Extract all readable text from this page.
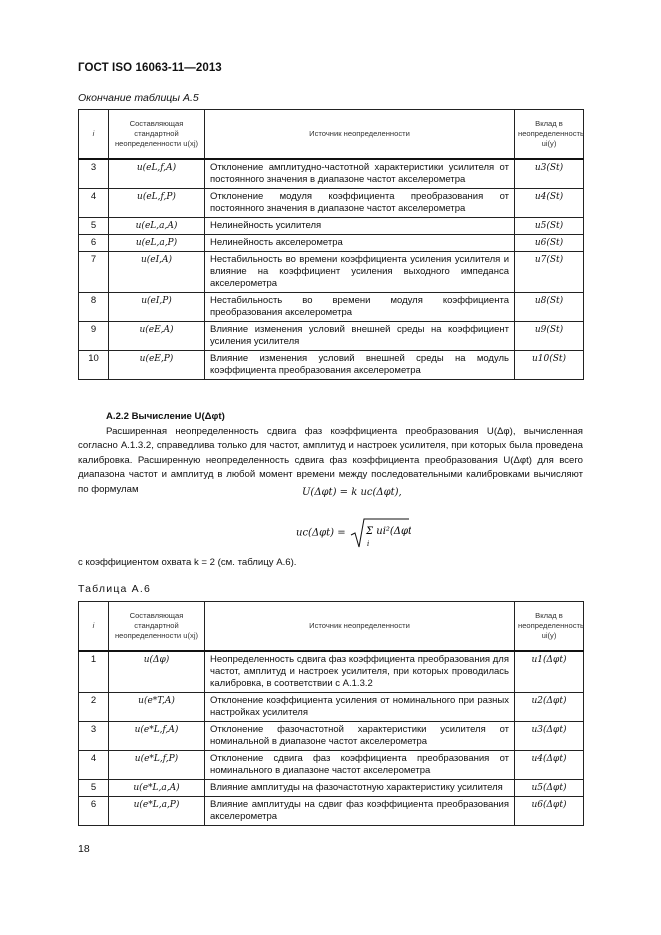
ГОСТ ISO 16063-11—2013
Окончание таблицы А.5
i	Составляющая стандартной неопределенности u(xj)	Источник неопределенности	Вклад в неопределенность ui(y)
3	u(eL,f,A)	Отклонение амплитудно-частотной характеристики усилителя от постоянного значения в диапазоне частот акселерометра	u3(St)
4	u(eL,f,P)	Отклонение модуля коэффициента преобразования от постоянного значения в диапазоне частот акселерометра	u4(St)
5	u(eL,a,A)	Нелинейность усилителя	u5(St)
6	u(eL,a,P)	Нелинейность акселерометра	u6(St)
7	u(eI,A)	Нестабильность во времени коэффициента усиления усилителя и влияние на коэффициент усиления выходного импеданса акселерометра	u7(St)
8	u(eI,P)	Нестабильность во времени модуля коэффициента преобразования акселерометра	u8(St)
9	u(eE,A)	Влияние изменения условий внешней среды на коэффициент усиления усилителя	u9(St)
10	u(eE,P)	Влияние изменения условий внешней среды на модуль коэффициента преобразования акселерометра	u10(St)
А.2.2 Вычисление U(Δφt)

Расширенная неопределенность сдвига фаз коэффициента преобразования U(Δφ), вычисленная согласно А.1.3.2, справедлива только для частот, амплитуд и настроек усилителя, при которых была проведена калибровка. Расширенную неопределенность сдвига фаз коэффициента преобразования U(Δφt) для всего диапазона частот и амплитуд в любой момент времени между последовательными калибровками вычисляют по формулам	U(Δφt) = k uc(Δφt),
uc(Δφt) = Σ ui²(Δφt)
i
с коэффициентом охвата k = 2 (см. таблицу А.6).
Таблица А.6
i	Составляющая стандартной неопределенности u(xj)	Источник неопределенности	Вклад в неопределенность ui(y)
1	u(Δφ)	Неопределенность сдвига фаз коэффициента преобразования для частот, амплитуд и настроек усилителя, при которых проводилась калибровка, в соответствии с А.1.3.2	u1(Δφt)
2	u(e*T,A)	Отклонение коэффициента усиления от номинального при разных настройках усилителя	u2(Δφt)
3	u(e*L,f,A)	Отклонение фазочастотной характеристики усилителя от номинальной в диапазоне частот акселерометра	u3(Δφt)
4	u(e*L,f,P)	Отклонение сдвига фаз коэффициента преобразования от номинального в диапазоне частот акселерометра	u4(Δφt)
5	u(e*L,a,A)	Влияние амплитуды на фазочастотную характеристику усилителя	u5(Δφt)
6	u(e*L,a,P)	Влияние амплитуды на сдвиг фаз коэффициента преобразования акселерометра	u6(Δφt)
18
